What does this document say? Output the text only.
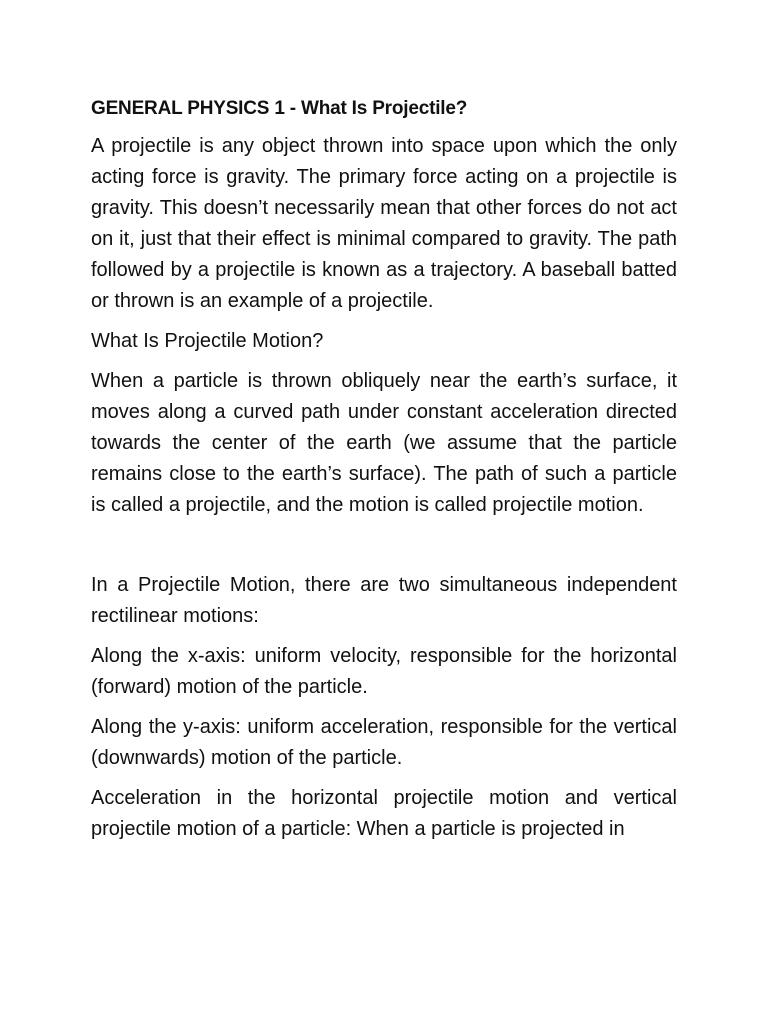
GENERAL PHYSICS 1 - What Is Projectile?

A projectile is any object thrown into space upon which the only acting force is gravity. The primary force acting on a projectile is gravity. This doesn’t necessarily mean that other forces do not act on it, just that their effect is minimal compared to gravity. The path followed by a projectile is known as a trajectory. A baseball batted or thrown is an example of a projectile.

What Is Projectile Motion?

When a particle is thrown obliquely near the earth’s surface, it moves along a curved path under constant acceleration directed towards the center of the earth (we assume that the particle remains close to the earth’s surface). The path of such a particle is called a projectile, and the motion is called projectile motion.

In a Projectile Motion, there are two simultaneous independent rectilinear motions:

Along the x-axis: uniform velocity, responsible for the horizontal (forward) motion of the particle.

Along the y-axis: uniform acceleration, responsible for the vertical (downwards) motion of the particle.

Acceleration in the horizontal projectile motion and vertical projectile motion of a particle: When a particle is projected in
